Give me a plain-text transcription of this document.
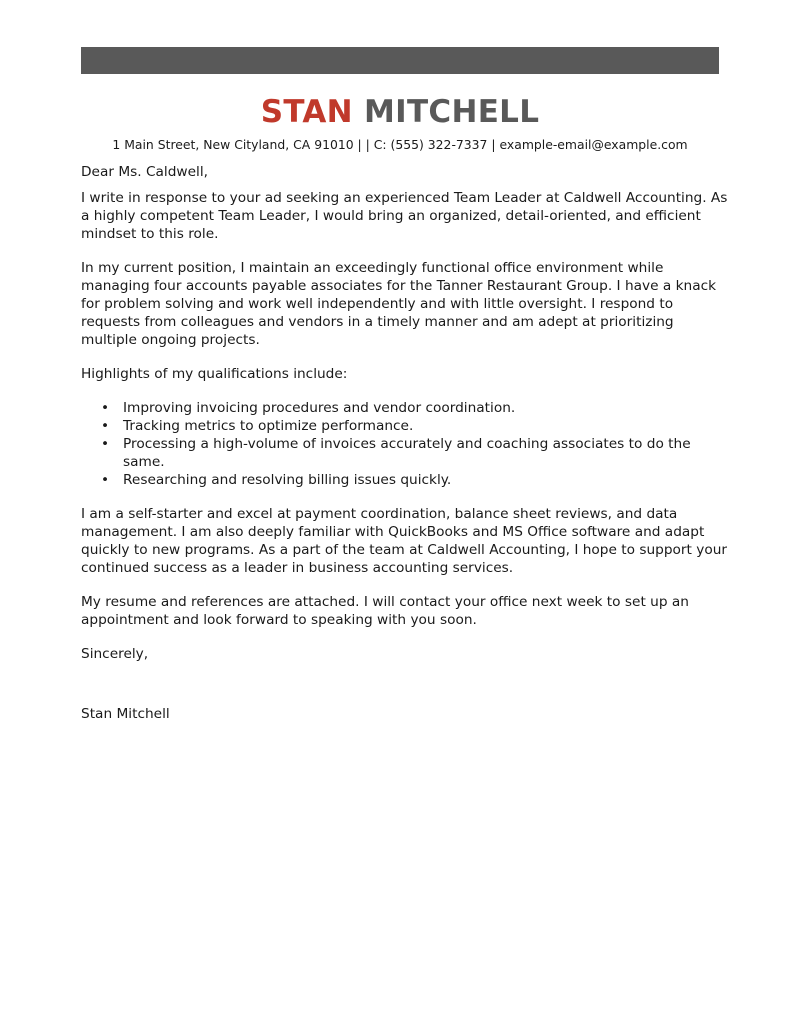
STAN MITCHELL
1 Main Street, New Cityland, CA 91010 | | C: (555) 322-7337 | example-email@example.com

Dear Ms. Caldwell,

I write in response to your ad seeking an experienced Team Leader at Caldwell Accounting. As a highly competent Team Leader, I would bring an organized, detail-oriented, and efficient mindset to this role.

In my current position, I maintain an exceedingly functional office environment while managing four accounts payable associates for the Tanner Restaurant Group. I have a knack for problem solving and work well independently and with little oversight. I respond to requests from colleagues and vendors in a timely manner and am adept at prioritizing multiple ongoing projects.

Highlights of my qualifications include:

• Improving invoicing procedures and vendor coordination.
• Tracking metrics to optimize performance.
• Processing a high-volume of invoices accurately and coaching associates to do the same.
• Researching and resolving billing issues quickly.

I am a self-starter and excel at payment coordination, balance sheet reviews, and data management. I am also deeply familiar with QuickBooks and MS Office software and adapt quickly to new programs. As a part of the team at Caldwell Accounting, I hope to support your continued success as a leader in business accounting services.

My resume and references are attached. I will contact your office next week to set up an appointment and look forward to speaking with you soon.

Sincerely,

Stan Mitchell
